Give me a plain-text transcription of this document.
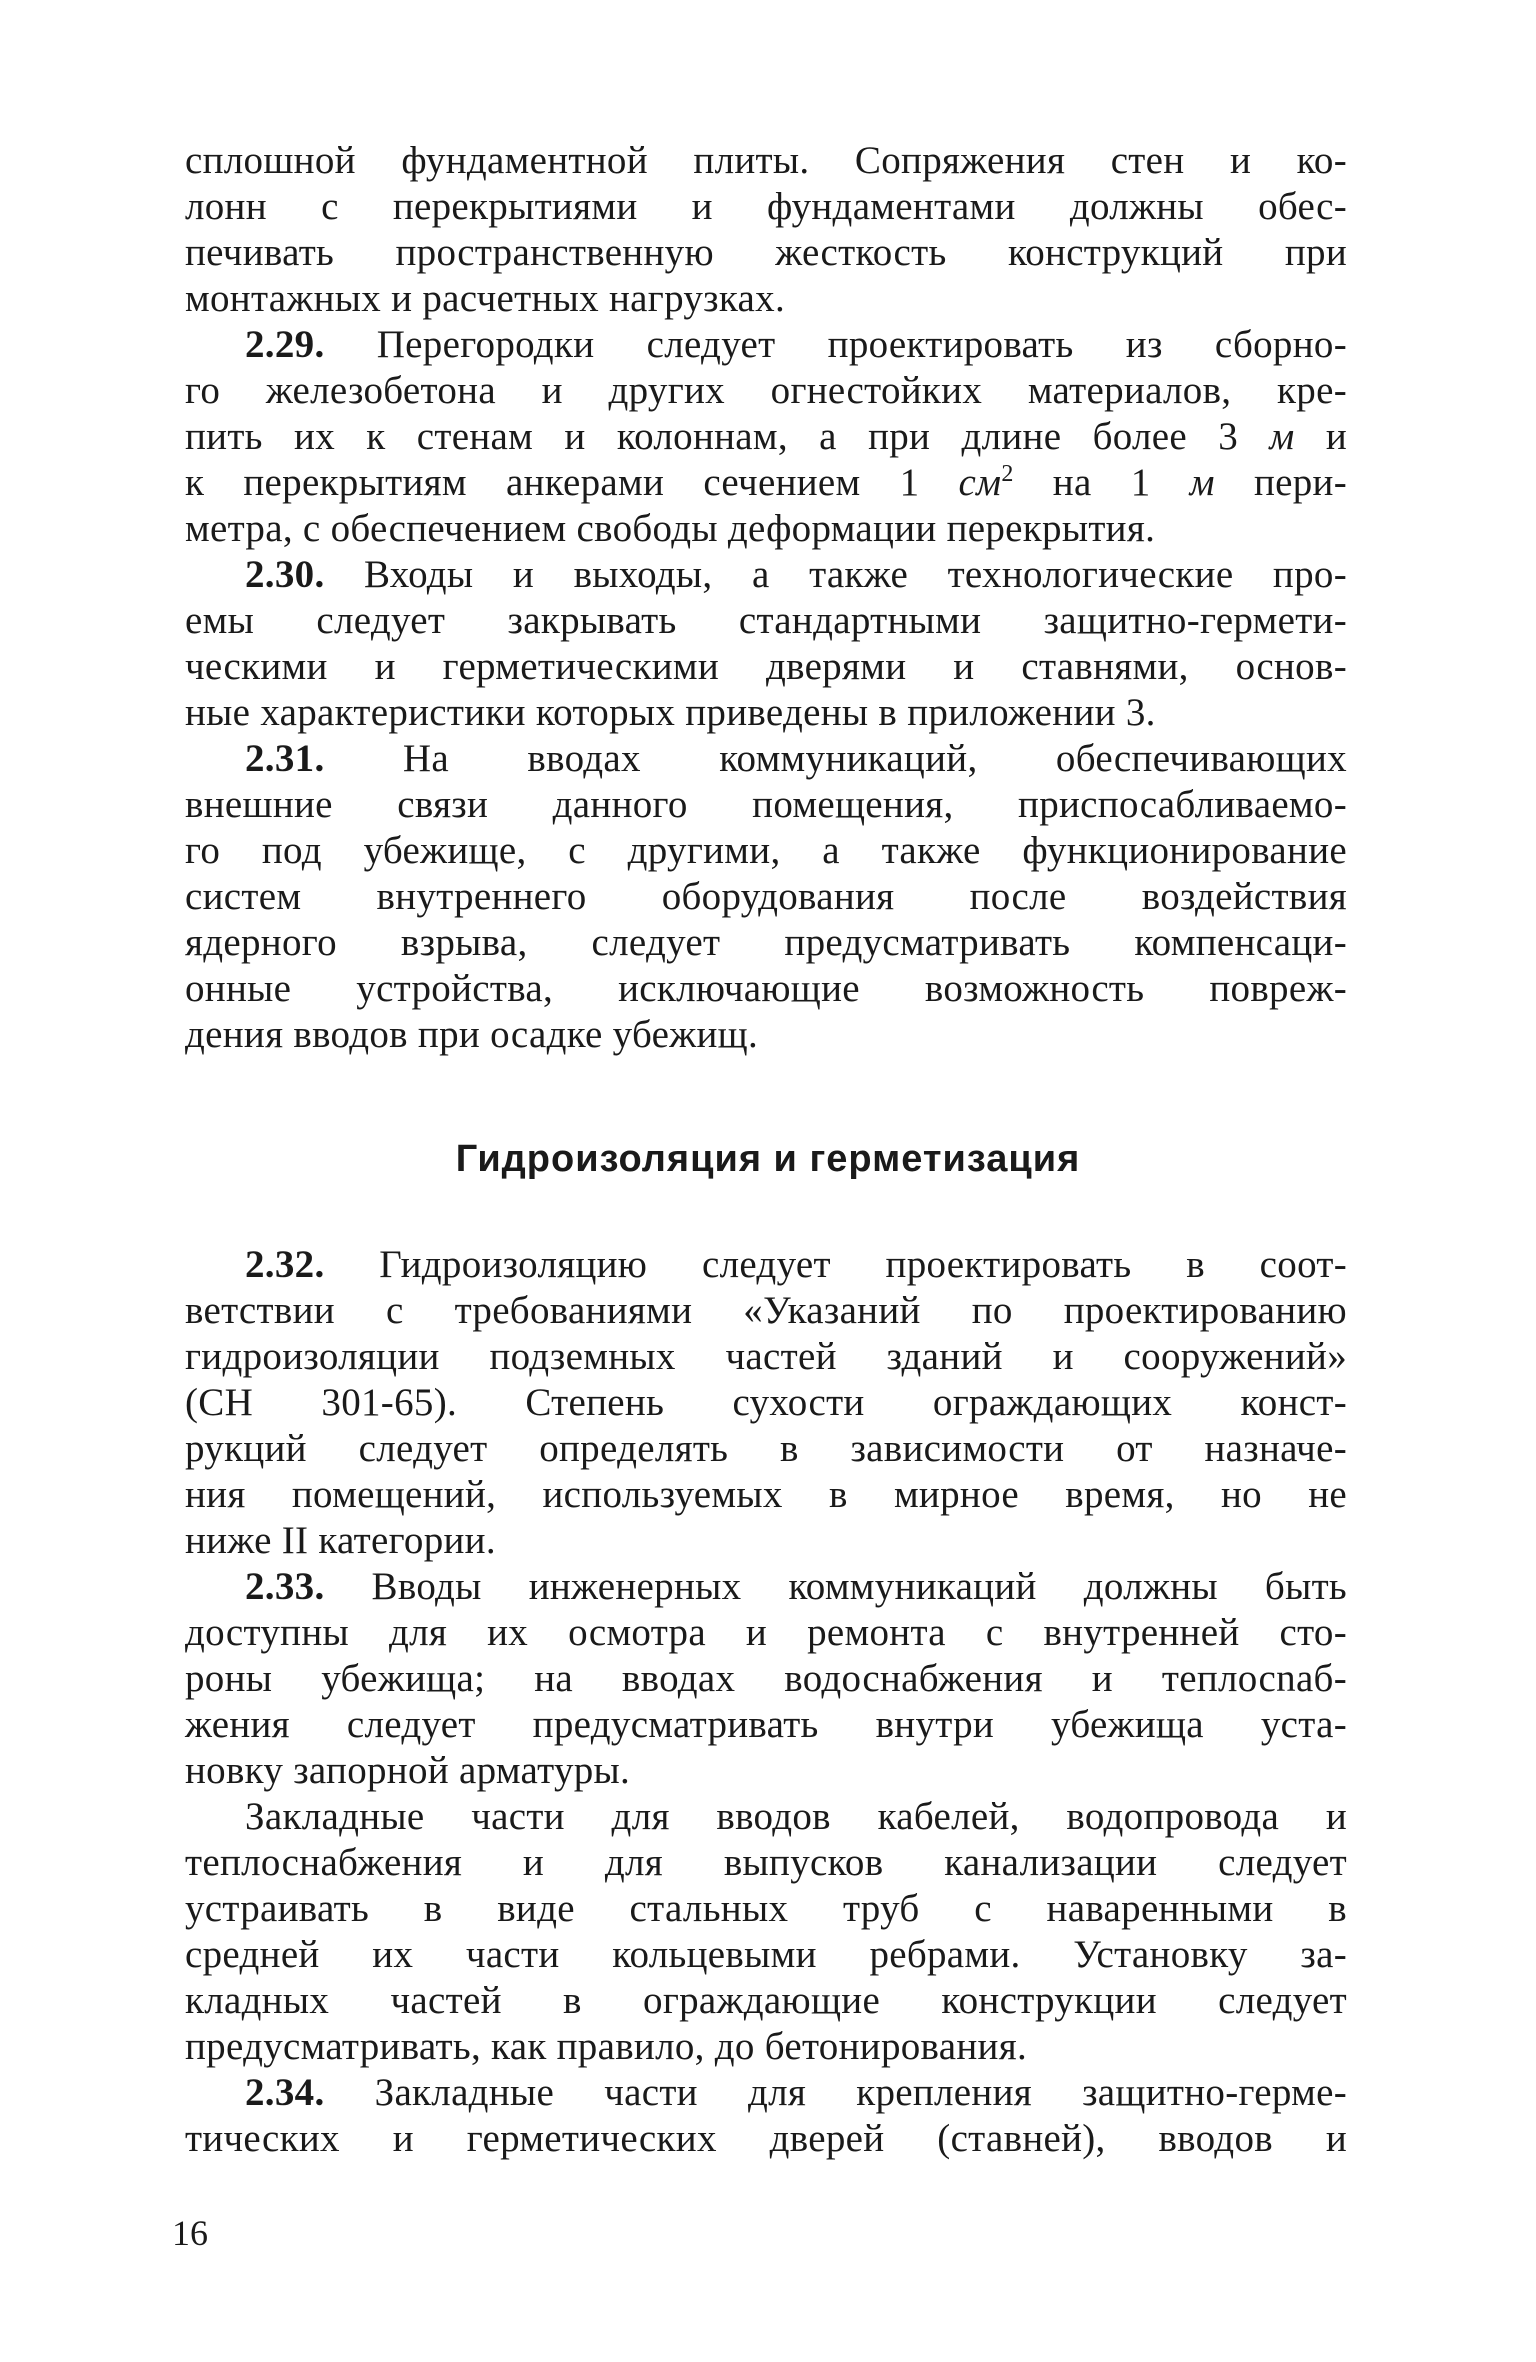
сплошной фундаментной плиты. Сопряжения стен и ко-
лонн с перекрытиями и фундаментами должны обес-
печивать пространственную жесткость конструкций при
монтажных и расчетных нагрузках.
2.29. Перегородки следует проектировать из сборно-
го железобетона и других огнестойких материалов, кре-
пить их к стенам и колоннам, а при длине более 3 м и
к перекрытиям анкерами сечением 1 $см^2$ на 1 м пери-
метра, с обеспечением свободы деформации перекрытия.
2.30. Входы и выходы, а также технологические про-
емы следует закрывать стандартными защитно-гермети-
ческими и герметическими дверями и ставнями, основ-
ные характеристики которых приведены в приложении 3.
2.31. На вводах коммуникаций, обеспечивающих
внешние связи данного помещения, приспосабливаемо-
го под убежище, с другими, а также функционирование
систем внутреннего оборудования после воздействия
ядерного взрыва, следует предусматривать компенсаци-
онные устройства, исключающие возможность повреж-
дения вводов при осадке убежищ.
Гидроизоляция и герметизация
2.32. Гидроизоляцию следует проектировать в соот-
ветствии с требованиями «Указаний по проектированию
гидроизоляции подземных частей зданий и сооружений»
(СН 301-65). Степень сухости ограждающих конст-
рукций следует определять в зависимости от назначе-
ния помещений, используемых в мирное время, но не
ниже II категории.
2.33. Вводы инженерных коммуникаций должны быть
доступны для их осмотра и ремонта с внутренней сто-
роны убежища; на вводах водоснабжения и теплосnаб-
жения следует предусматривать внутри убежища уста-
новку запорной арматуры.
Закладные части для вводов кабелей, водопровода и
теплоснабжения и для выпусков канализации следует
устраивать в виде стальных труб с наваренными в
средней их части кольцевыми ребрами. Установку за-
кладных частей в ограждающие конструкции следует
предусматривать, как правило, до бетонирования.
2.34. Закладные части для крепления защитно-герме-
тических и герметических дверей (ставней), вводов и
16
